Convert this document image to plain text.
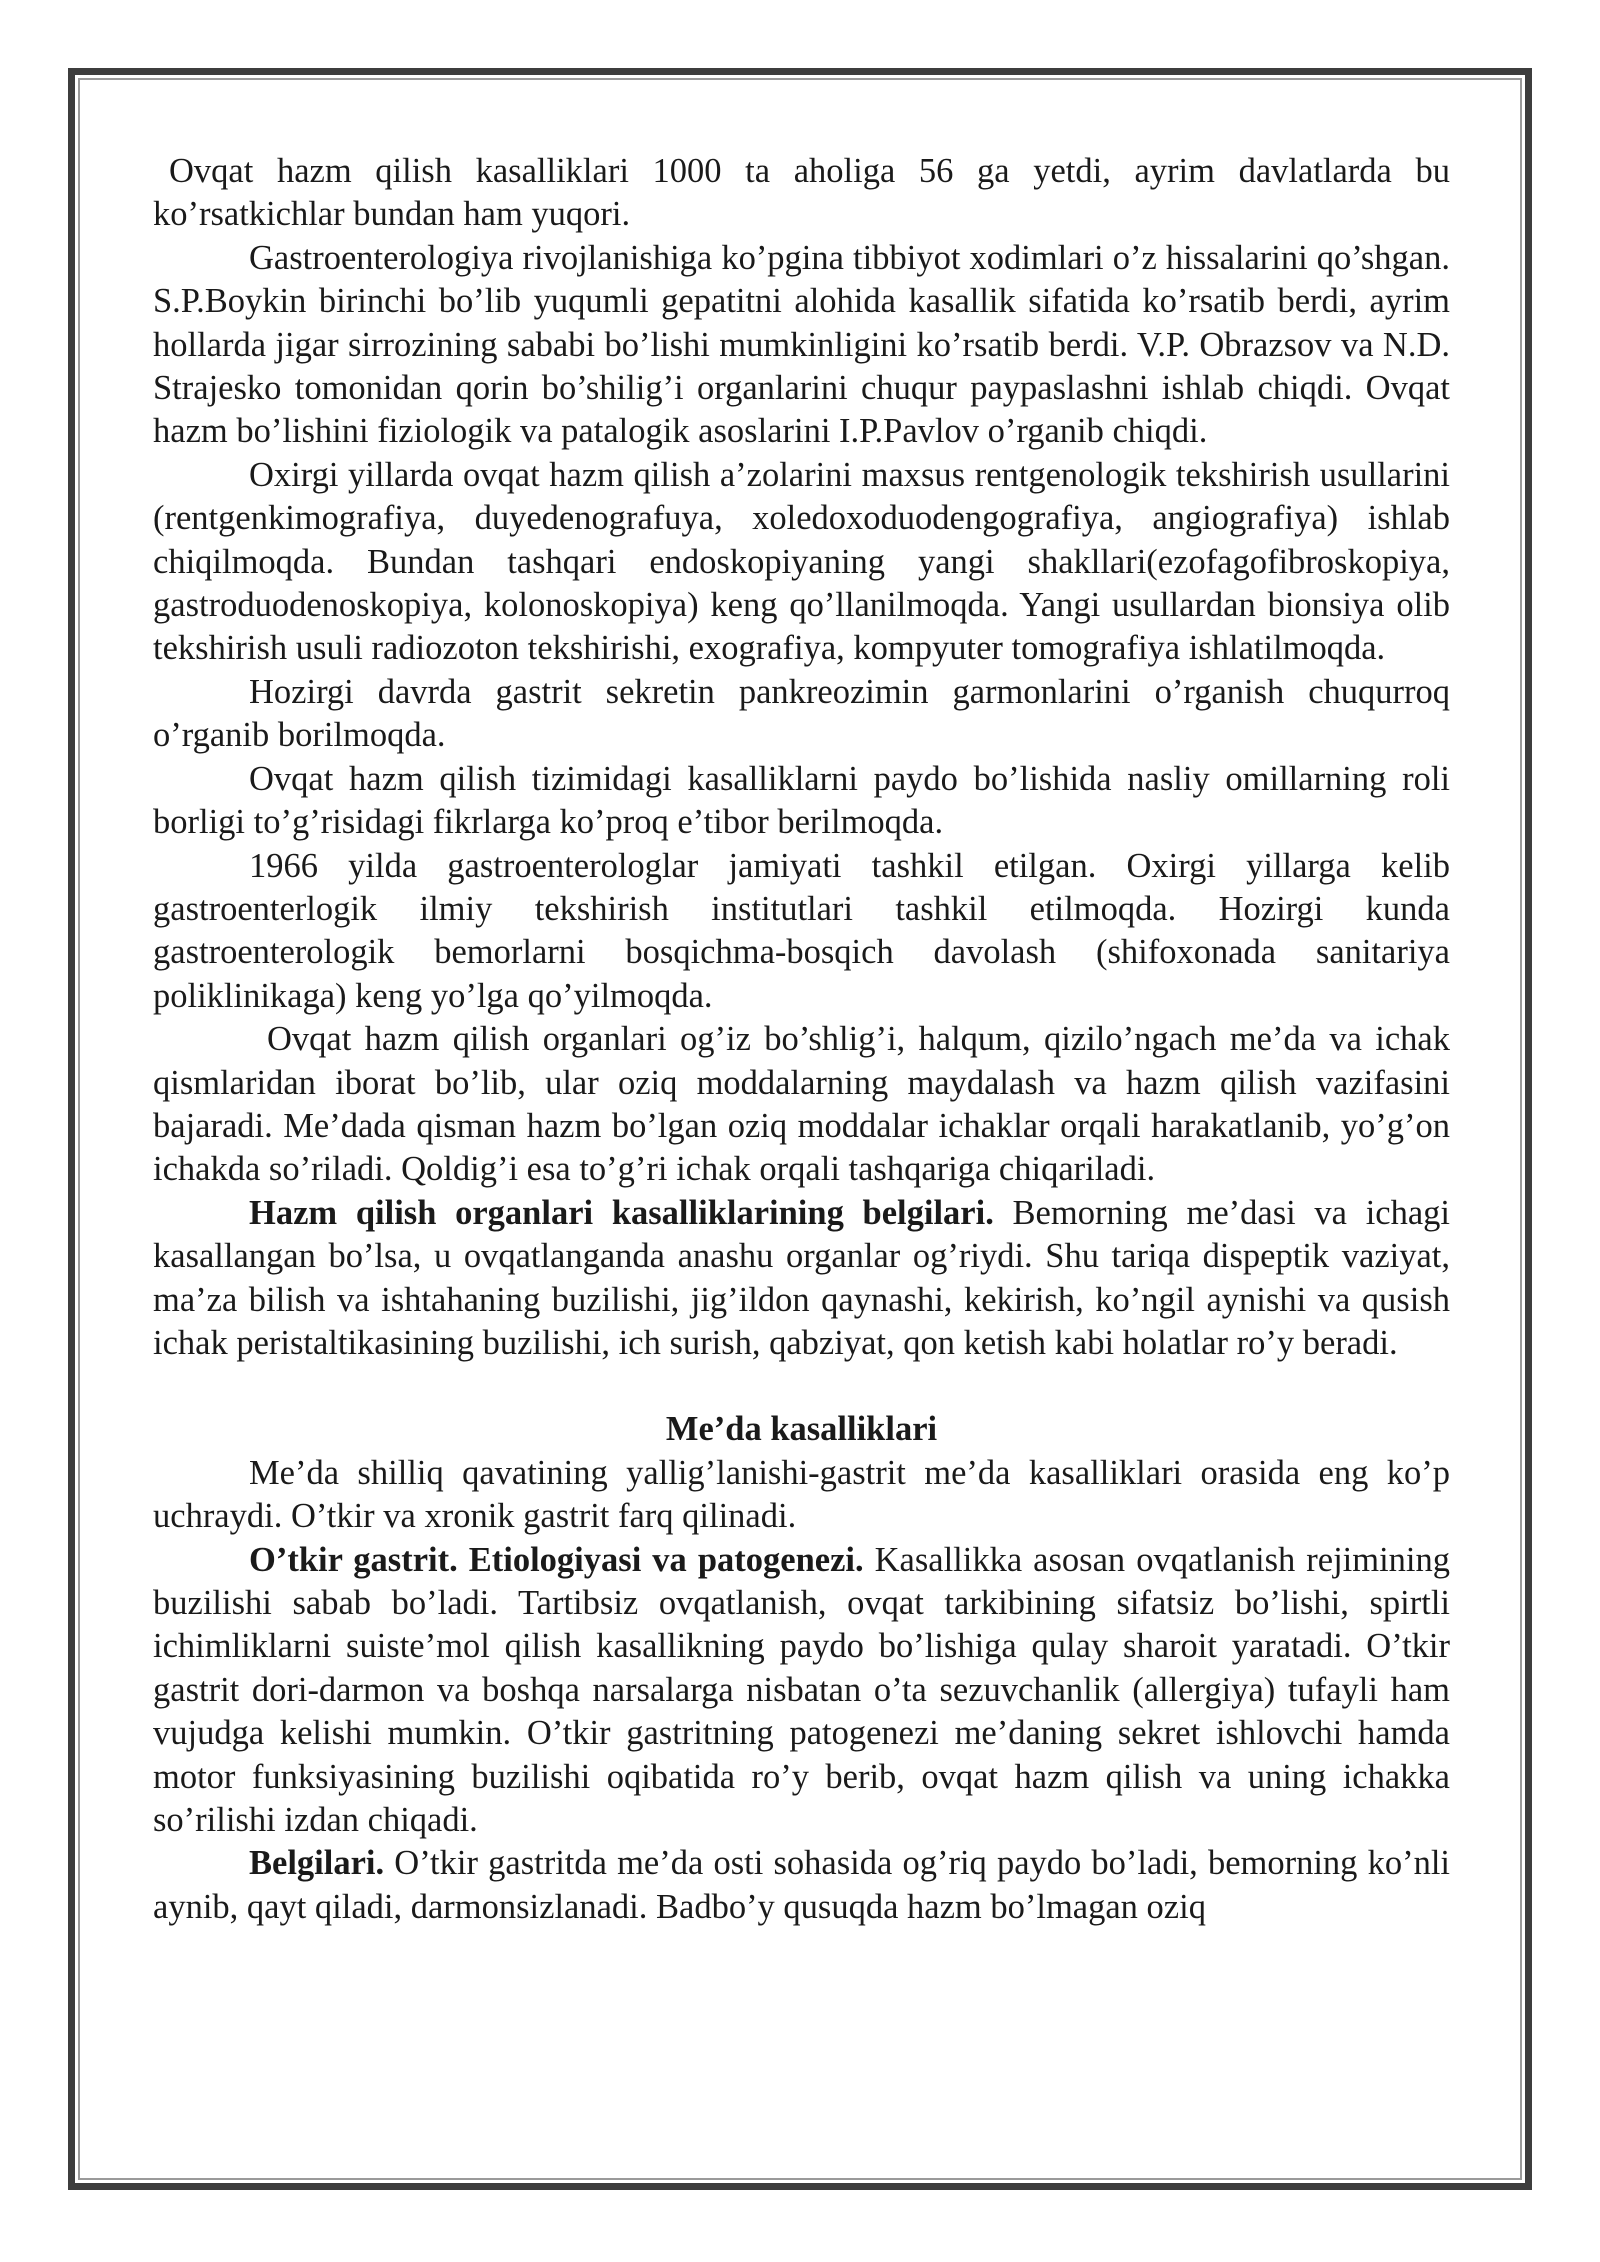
Ovqat hazm qilish kasalliklari 1000 ta aholiga 56 ga yetdi, ayrim davlatlarda bu ko’rsatkichlar bundan ham yuqori.

Gastroenterologiya rivojlanishiga ko’pgina tibbiyot xodimlari o’z hissalarini qo’shgan. S.P.Boykin birinchi bo’lib yuqumli gepatitni alohida kasallik sifatida ko’rsatib berdi, ayrim hollarda jigar sirrozining sababi bo’lishi mumkinligini ko’rsatib berdi. V.P. Obrazsov va N.D. Strajesko tomonidan qorin bo’shilig’i organlarini chuqur paypaslashni ishlab chiqdi. Ovqat hazm bo’lishini fiziologik va patalogik asoslarini I.P.Pavlov o’rganib chiqdi.

Oxirgi yillarda ovqat hazm qilish a’zolarini maxsus rentgenologik tekshirish usullarini (rentgenkimografiya, duyedenografuya, xoledoxoduodengografiya, angiografiya) ishlab chiqilmoqda. Bundan tashqari endoskopiyaning yangi shakllari(ezofagofibroskopiya, gastroduodenoskopiya, kolonoskopiya) keng qo’llanilmoqda. Yangi usullardan bionsiya olib tekshirish usuli radiozoton tekshirishi, exografiya, kompyuter tomografiya ishlatilmoqda.

Hozirgi davrda gastrit sekretin pankreozimin garmonlarini o’rganish chuqurroq o’rganib borilmoqda.

Ovqat hazm qilish tizimidagi kasalliklarni paydo bo’lishida nasliy omillarning roli borligi to’g’risidagi fikrlarga ko’proq e’tibor berilmoqda.

1966 yilda gastroenterologlar jamiyati tashkil etilgan. Oxirgi yillarga kelib gastroenterlogik ilmiy tekshirish institutlari tashkil etilmoqda. Hozirgi kunda gastroenterologik bemorlarni bosqichma-bosqich davolash (shifoxonada sanitariya poliklinikaga) keng yo’lga qo’yilmoqda.

Ovqat hazm qilish organlari og’iz bo’shlig’i, halqum, qizilo’ngach me’da va ichak qismlaridan iborat bo’lib, ular oziq moddalarning maydalash va hazm qilish vazifasini bajaradi. Me’dada qisman hazm bo’lgan oziq moddalar ichaklar orqali harakatlanib, yo’g’on ichakda so’riladi. Qoldig’i esa to’g’ri ichak orqali tashqariga chiqariladi.

Hazm qilish organlari kasalliklarining belgilari. Bemorning me’dasi va ichagi kasallangan bo’lsa, u ovqatlanganda anashu organlar og’riydi. Shu tariqa dispeptik vaziyat, ma’za bilish va ishtahaning buzilishi, jig’ildon qaynashi, kekirish, ko’ngil aynishi va qusish ichak peristaltikasining buzilishi, ich surish, qabziyat, qon ketish kabi holatlar ro’y beradi.

Me’da kasalliklari

Me’da shilliq qavatining yallig’lanishi-gastrit me’da kasalliklari orasida eng ko’p uchraydi. O’tkir va xronik gastrit farq qilinadi.

O’tkir gastrit. Etiologiyasi va patogenezi. Kasallikka asosan ovqatlanish rejimining buzilishi sabab bo’ladi. Tartibsiz ovqatlanish, ovqat tarkibining sifatsiz bo’lishi, spirtli ichimliklarni suiste’mol qilish kasallikning paydo bo’lishiga qulay sharoit yaratadi. O’tkir gastrit dori-darmon va boshqa narsalarga nisbatan o’ta sezuvchanlik (allergiya) tufayli ham vujudga kelishi mumkin. O’tkir gastritning patogenezi me’daning sekret ishlovchi hamda motor funksiyasining buzilishi oqibatida ro’y berib, ovqat hazm qilish va uning ichakka so’rilishi izdan chiqadi.

Belgilari. O’tkir gastritda me’da osti sohasida og’riq paydo bo’ladi, bemorning ko’nli aynib, qayt qiladi, darmonsizlanadi. Badbo’y qusuqda hazm bo’lmagan oziq
